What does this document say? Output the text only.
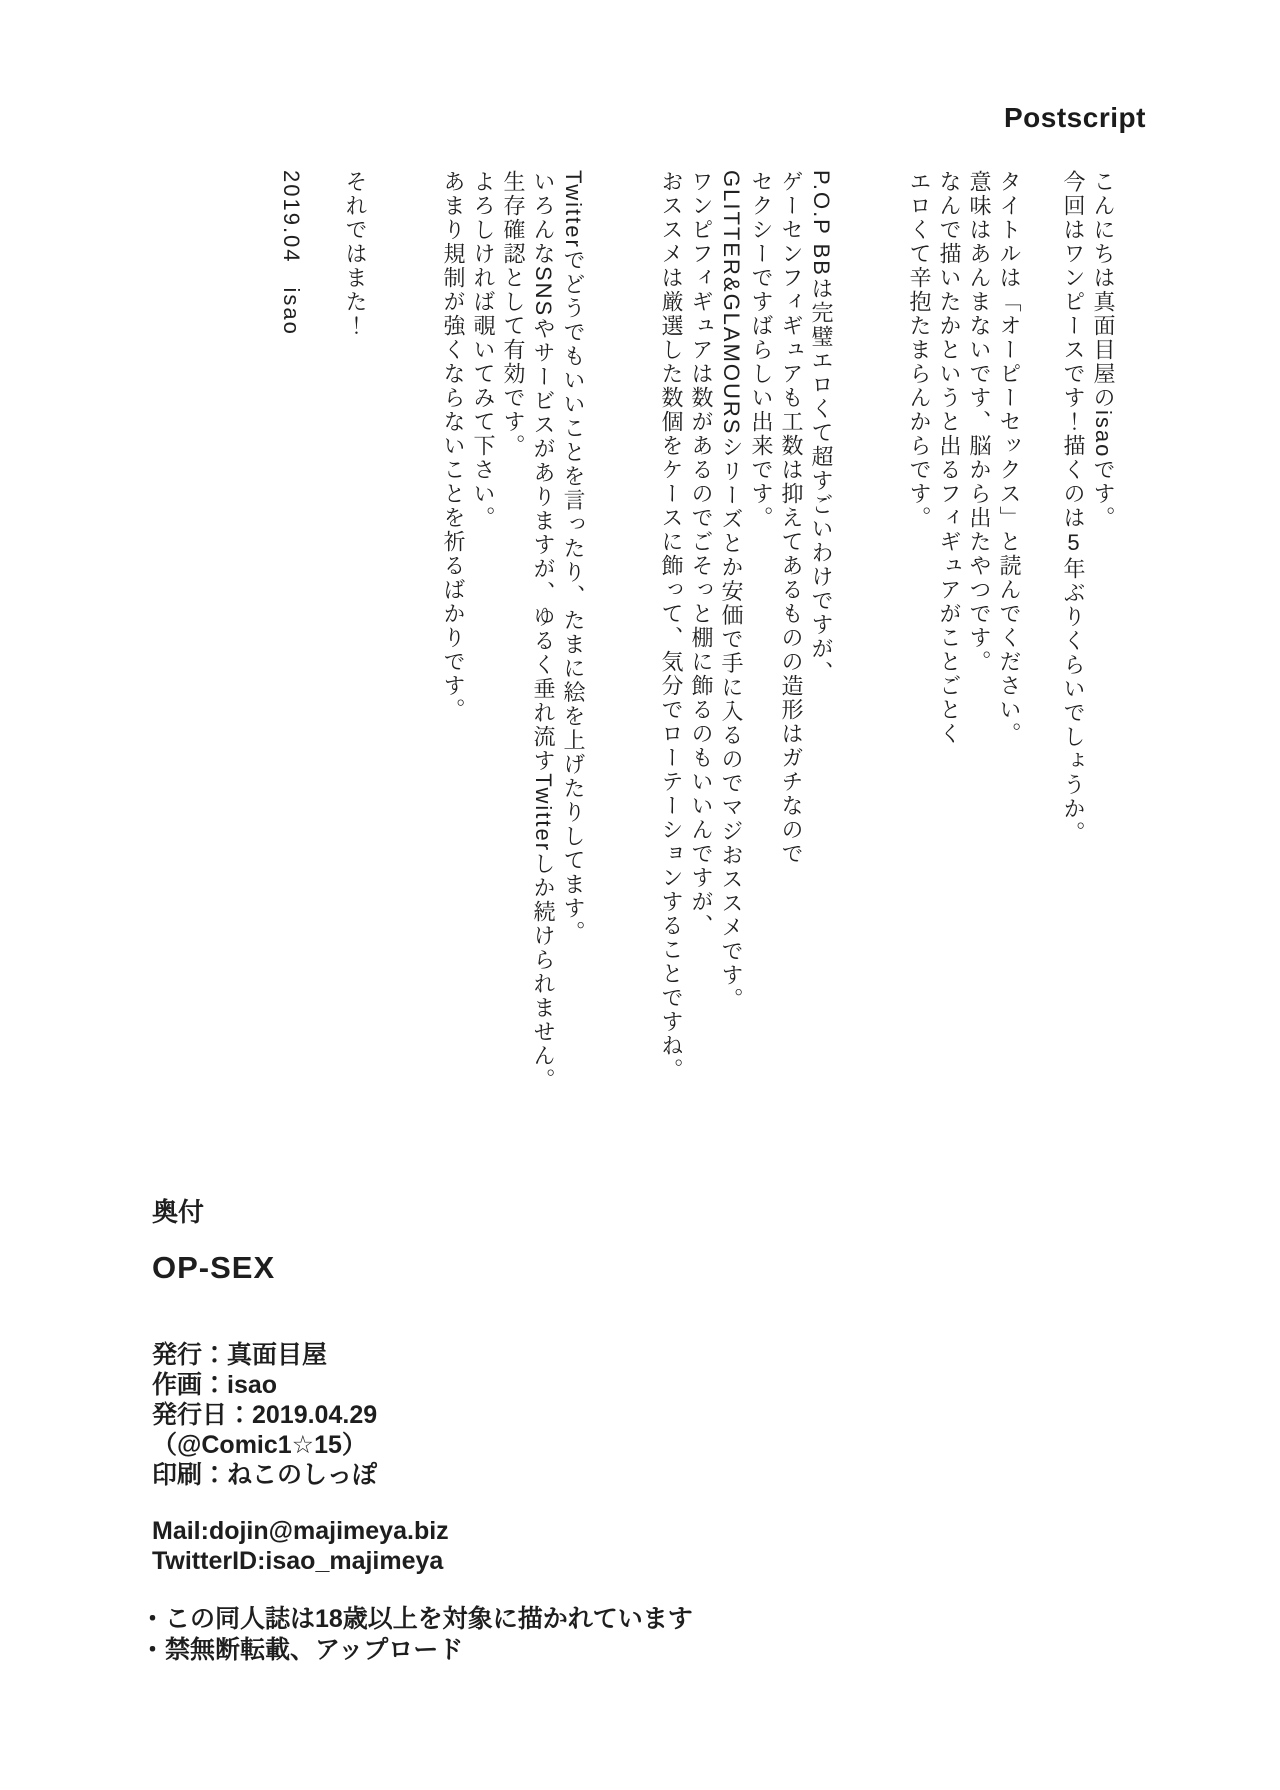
Postscript

こんにちは真面目屋のisaoです。

今回はワンピースです！描くのは5年ぶりくらいでしょうか。

タイトルは「オーピーセックス」と読んでください。

意味はあんまないです、脳から出たやつです。

なんで描いたかというと出るフィギュアがことごとく

エロくて辛抱たまらんからです。

P.O.P BBは完璧エロくて超すごいわけですが、

ゲーセンフィギュアも工数は抑えてあるものの造形はガチなので

セクシーですばらしい出来です。

GLITTER&GLAMOURSシリーズとか安価で手に入るのでマジおススメです。

ワンピフィギュアは数があるのでごそっと棚に飾るのもいいんですが、

おススメは厳選した数個をケースに飾って、気分でローテーションすることですね。

Twitterでどうでもいいことを言ったり、たまに絵を上げたりしてます。

いろんなSNSやサービスがありますが、ゆるく垂れ流すTwitterしか続けられません。

生存確認として有効です。

よろしければ覗いてみて下さい。

あまり規制が強くならないことを祈るばかりです。

それではまた！

2019.04　isao

奥付

OP-SEX

発行：真面目屋

作画：isao

発行日：2019.04.29

（@Comic1☆15）

印刷：ねこのしっぽ

Mail:dojin@majimeya.biz

TwitterID:isao_majimeya

・この同人誌は18歳以上を対象に描かれています

・禁無断転載、アップロード
